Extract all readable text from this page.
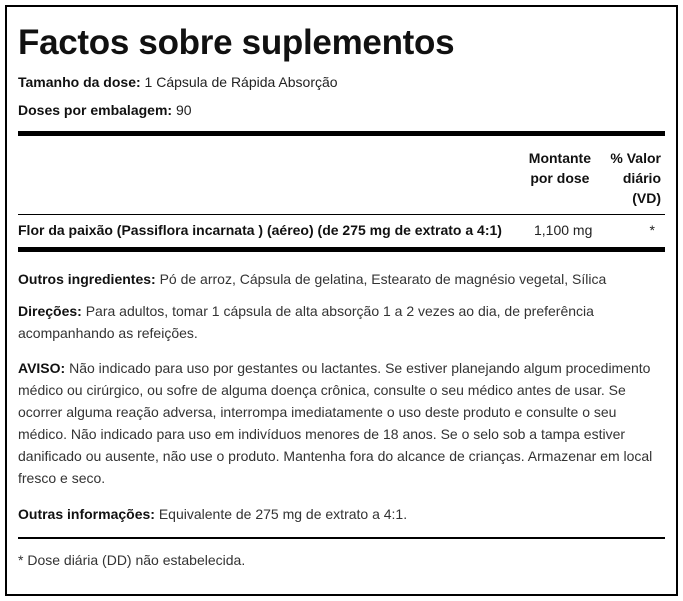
Factos sobre suplementos
Tamanho da dose: 1 Cápsula de Rápida Absorção
Doses por embalagem: 90
Montante
por dose
% Valor
diário
(VD)
Flor da paixão (Passiflora incarnata ) (aéreo) (de 275 mg de extrato a 4:1) 1,100 mg	*
Outros ingredientes: Pó de arroz, Cápsula de gelatina, Estearato de magnésio vegetal, Sílica
Direções: Para adultos, tomar 1 cápsula de alta absorção 1 a 2 vezes ao dia, de preferência acompanhando as refeições.
AVISO: Não indicado para uso por gestantes ou lactantes. Se estiver planejando algum procedimento médico ou cirúrgico, ou sofre de alguma doença crônica, consulte o seu médico antes de usar. Se ocorrer alguma reação adversa, interrompa imediatamente o uso deste produto e consulte o seu médico. Não indicado para uso em indivíduos menores de 18 anos. Se o selo sob a tampa estiver danificado ou ausente, não use o produto. Mantenha fora do alcance de crianças. Armazenar em local fresco e seco.
Outras informações: Equivalente de 275 mg de extrato a 4:1.
* Dose diária (DD) não estabelecida.
